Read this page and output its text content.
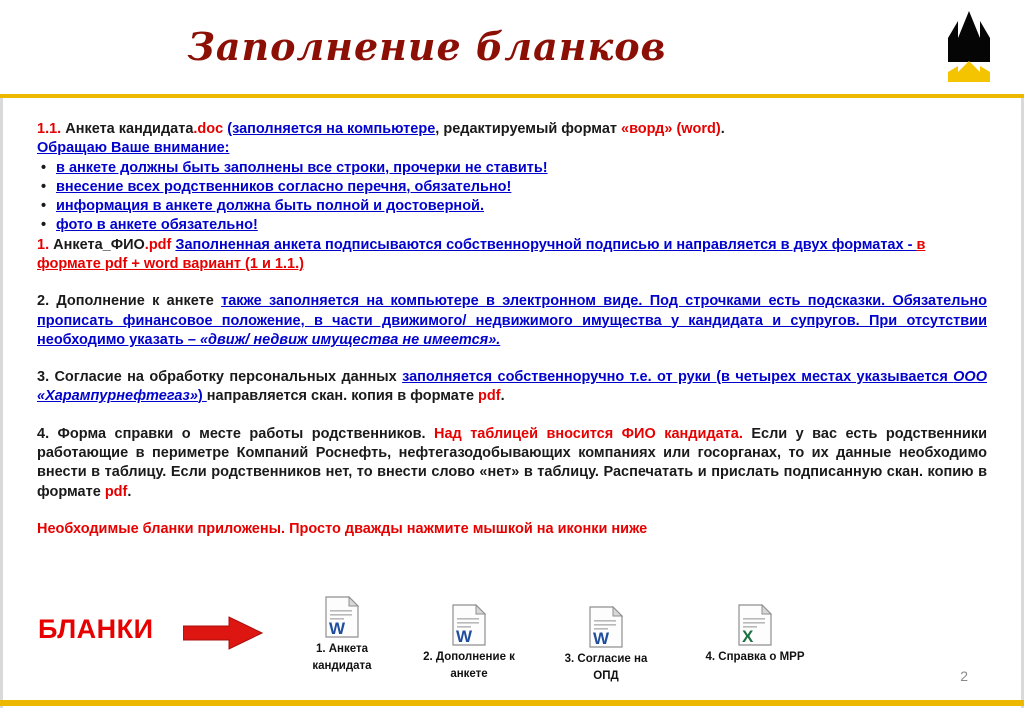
Заполнение бланков

1.1. Анкета кандидата.doc (заполняется на компьютере, редактируемый формат «ворд» (word).

Обращаю Ваше внимание:

• в анкете должны быть заполнены все строки, прочерки не ставить!
• внесение всех родственников согласно перечня, обязательно!
• информация в анкете должна быть полной и достоверной.
• фото в анкете обязательно!

1. Анкета_ФИО.pdf Заполненная анкета подписываются собственноручной подписью и направляется в двух форматах - в формате pdf + word вариант (1 и 1.1.)

2. Дополнение к анкете также заполняется на компьютере в электронном виде. Под строчками есть подсказки. Обязательно прописать финансовое положение, в части движимого/ недвижимого имущества у кандидата и супругов. При отсутствии необходимо указать – «движ/ недвиж имущества не имеется».

3. Согласие на обработку персональных данных заполняется собственноручно т.е. от руки (в четырех местах указывается ООО «Харампурнефтегаз») направляется скан. копия в формате pdf.

4. Форма справки о месте работы родственников. Над таблицей вносится ФИО кандидата. Если у вас есть родственники работающие в периметре Компаний Роснефть, нефтегазодобывающих компаниях или госорганах, то их данные необходимо внести в таблицу. Если родственников нет, то внести слово «нет» в таблицу. Распечатать и прислать подписанную скан. копию в формате pdf.

Необходимые бланки приложены. Просто дважды нажмите мышкой на иконки ниже

БЛАНКИ	W
1. Анкета кандидата
W
2. Дополнение к анкете
W
3. Согласие на ОПД
X
4. Справка о МРР
2
